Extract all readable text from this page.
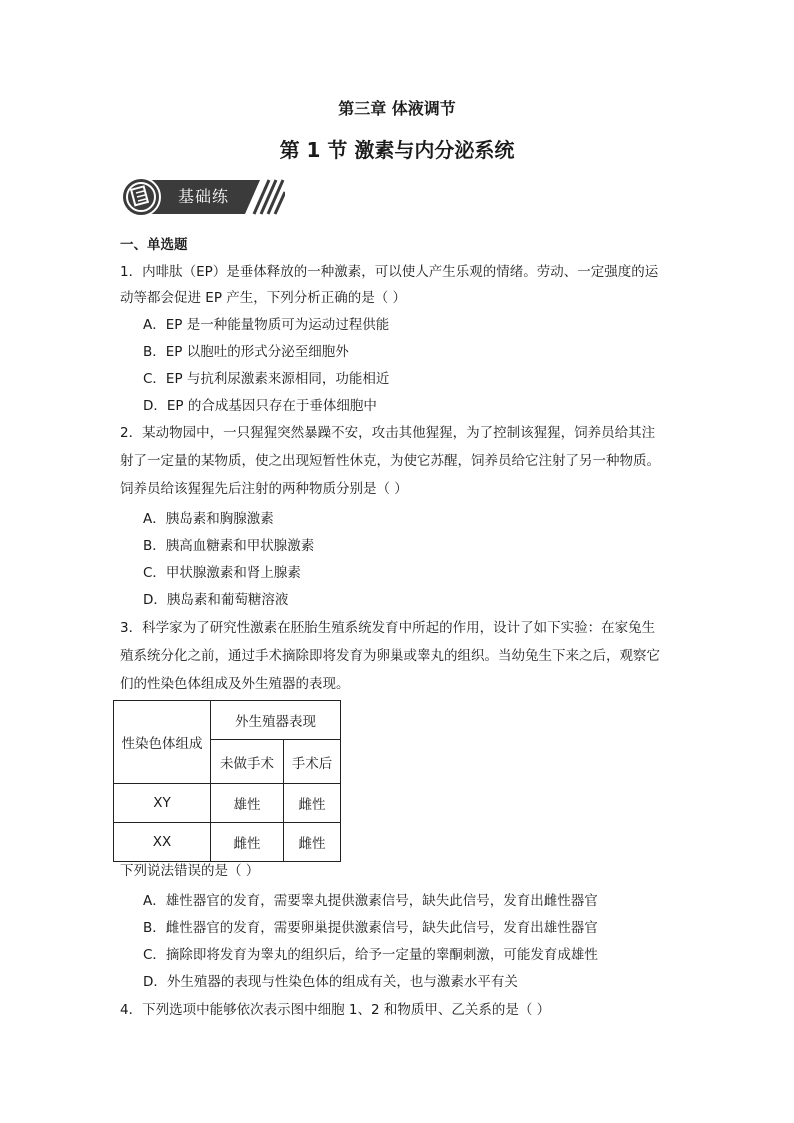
第三章 体液调节
第 1 节 激素与内分泌系统
基础练
一、单选题
1．内啡肽（EP）是垂体释放的一种激素，可以使人产生乐观的情绪。劳动、一定强度的运
动等都会促进 EP 产生，下列分析正确的是（ ）
A．EP 是一种能量物质可为运动过程供能
B．EP 以胞吐的形式分泌至细胞外
C．EP 与抗利尿激素来源相同，功能相近
D．EP 的合成基因只存在于垂体细胞中
2．某动物园中，一只猩猩突然暴躁不安，攻击其他猩猩，为了控制该猩猩，饲养员给其注
射了一定量的某物质，使之出现短暂性休克，为使它苏醒，饲养员给它注射了另一种物质。
饲养员给该猩猩先后注射的两种物质分别是（ ）
A．胰岛素和胸腺激素
B．胰高血糖素和甲状腺激素
C．甲状腺激素和肾上腺素
D．胰岛素和葡萄糖溶液
3．科学家为了研究性激素在胚胎生殖系统发育中所起的作用，设计了如下实验：在家兔生
殖系统分化之前，通过手术摘除即将发育为卵巢或睾丸的组织。当幼兔生下来之后，观察它
们的性染色体组成及外生殖器的表现。
性染色体组成	外生殖器表现	
	未做手术	手术后
XY	雄性	雌性
XX	雌性	雌性
下列说法错误的是（ ）
A．雄性器官的发育，需要睾丸提供激素信号，缺失此信号，发育出雌性器官
B．雌性器官的发育，需要卵巢提供激素信号，缺失此信号，发育出雄性器官
C．摘除即将发育为睾丸的组织后，给予一定量的睾酮刺激，可能发育成雄性
D．外生殖器的表现与性染色体的组成有关，也与激素水平有关
4．下列选项中能够依次表示图中细胞 1、2 和物质甲、乙关系的是（ ）
